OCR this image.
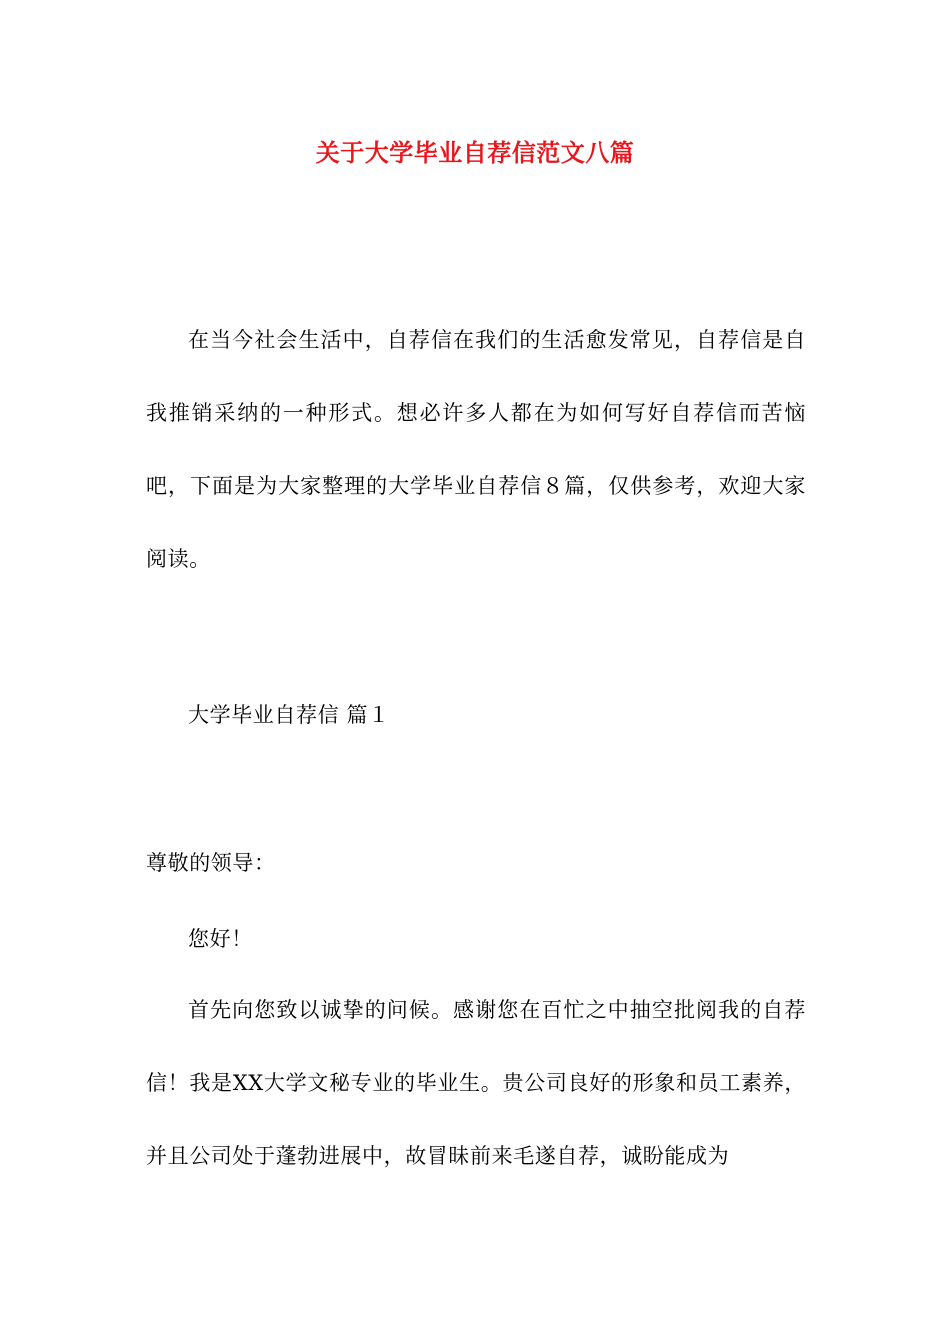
关于大学毕业自荐信范文八篇

在当今社会生活中，自荐信在我们的生活愈发常见，自荐信是自我推销采纳的一种形式。想必许多人都在为如何写好自荐信而苦恼吧，下面是为大家整理的大学毕业自荐信８篇，仅供参考，欢迎大家阅读。

大学毕业自荐信 篇１
尊敬的领导：
您好！

首先向您致以诚挚的问候。感谢您在百忙之中抽空批阅我的自荐信！我是XX大学文秘专业的毕业生。贵公司良好的形象和员工素养，并且公司处于蓬勃进展中，故冒昧前来毛遂自荐，诚盼能成为
